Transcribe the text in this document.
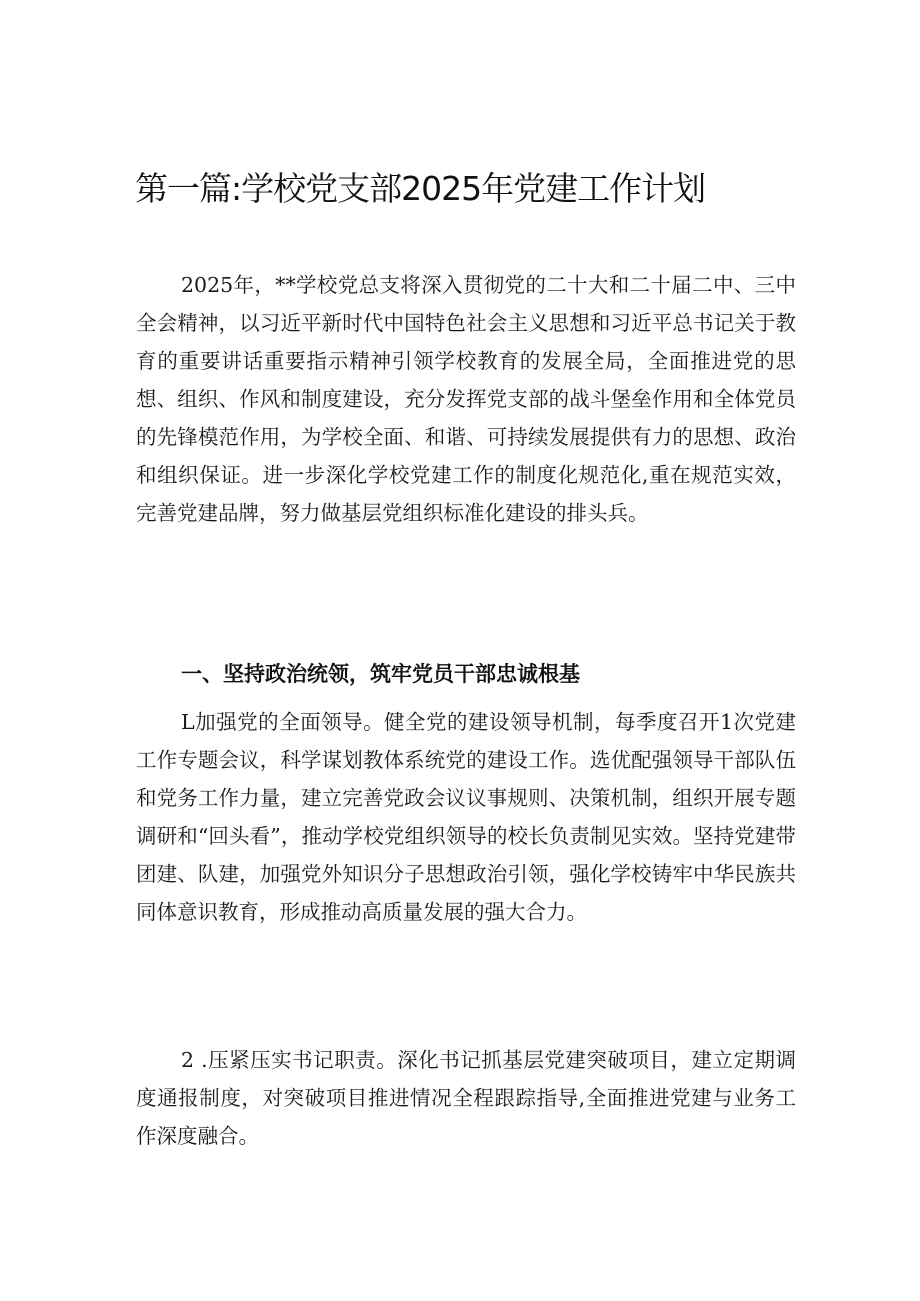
第一篇:学校党支部2025年党建工作计划

2025年，**学校党总支将深入贯彻党的二十大和二十届二中、三中全会精神，以习近平新时代中国特色社会主义思想和习近平总书记关于教育的重要讲话重要指示精神引领学校教育的发展全局，全面推进党的思想、组织、作风和制度建设，充分发挥党支部的战斗堡垒作用和全体党员的先锋模范作用，为学校全面、和谐、可持续发展提供有力的思想、政治和组织保证。进一步深化学校党建工作的制度化规范化,重在规范实效，完善党建品牌，努力做基层党组织标准化建设的排头兵。

一、坚持政治统领，筑牢党员干部忠诚根基

L加强党的全面领导。健全党的建设领导机制，每季度召开1次党建工作专题会议，科学谋划教体系统党的建设工作。选优配强领导干部队伍和党务工作力量，建立完善党政会议议事规则、决策机制，组织开展专题调研和“回头看”，推动学校党组织领导的校长负责制见实效。坚持党建带团建、队建，加强党外知识分子思想政治引领，强化学校铸牢中华民族共同体意识教育，形成推动高质量发展的强大合力。

2 .压紧压实书记职责。深化书记抓基层党建突破项目，建立定期调度通报制度，对突破项目推进情况全程跟踪指导,全面推进党建与业务工作深度融合。
